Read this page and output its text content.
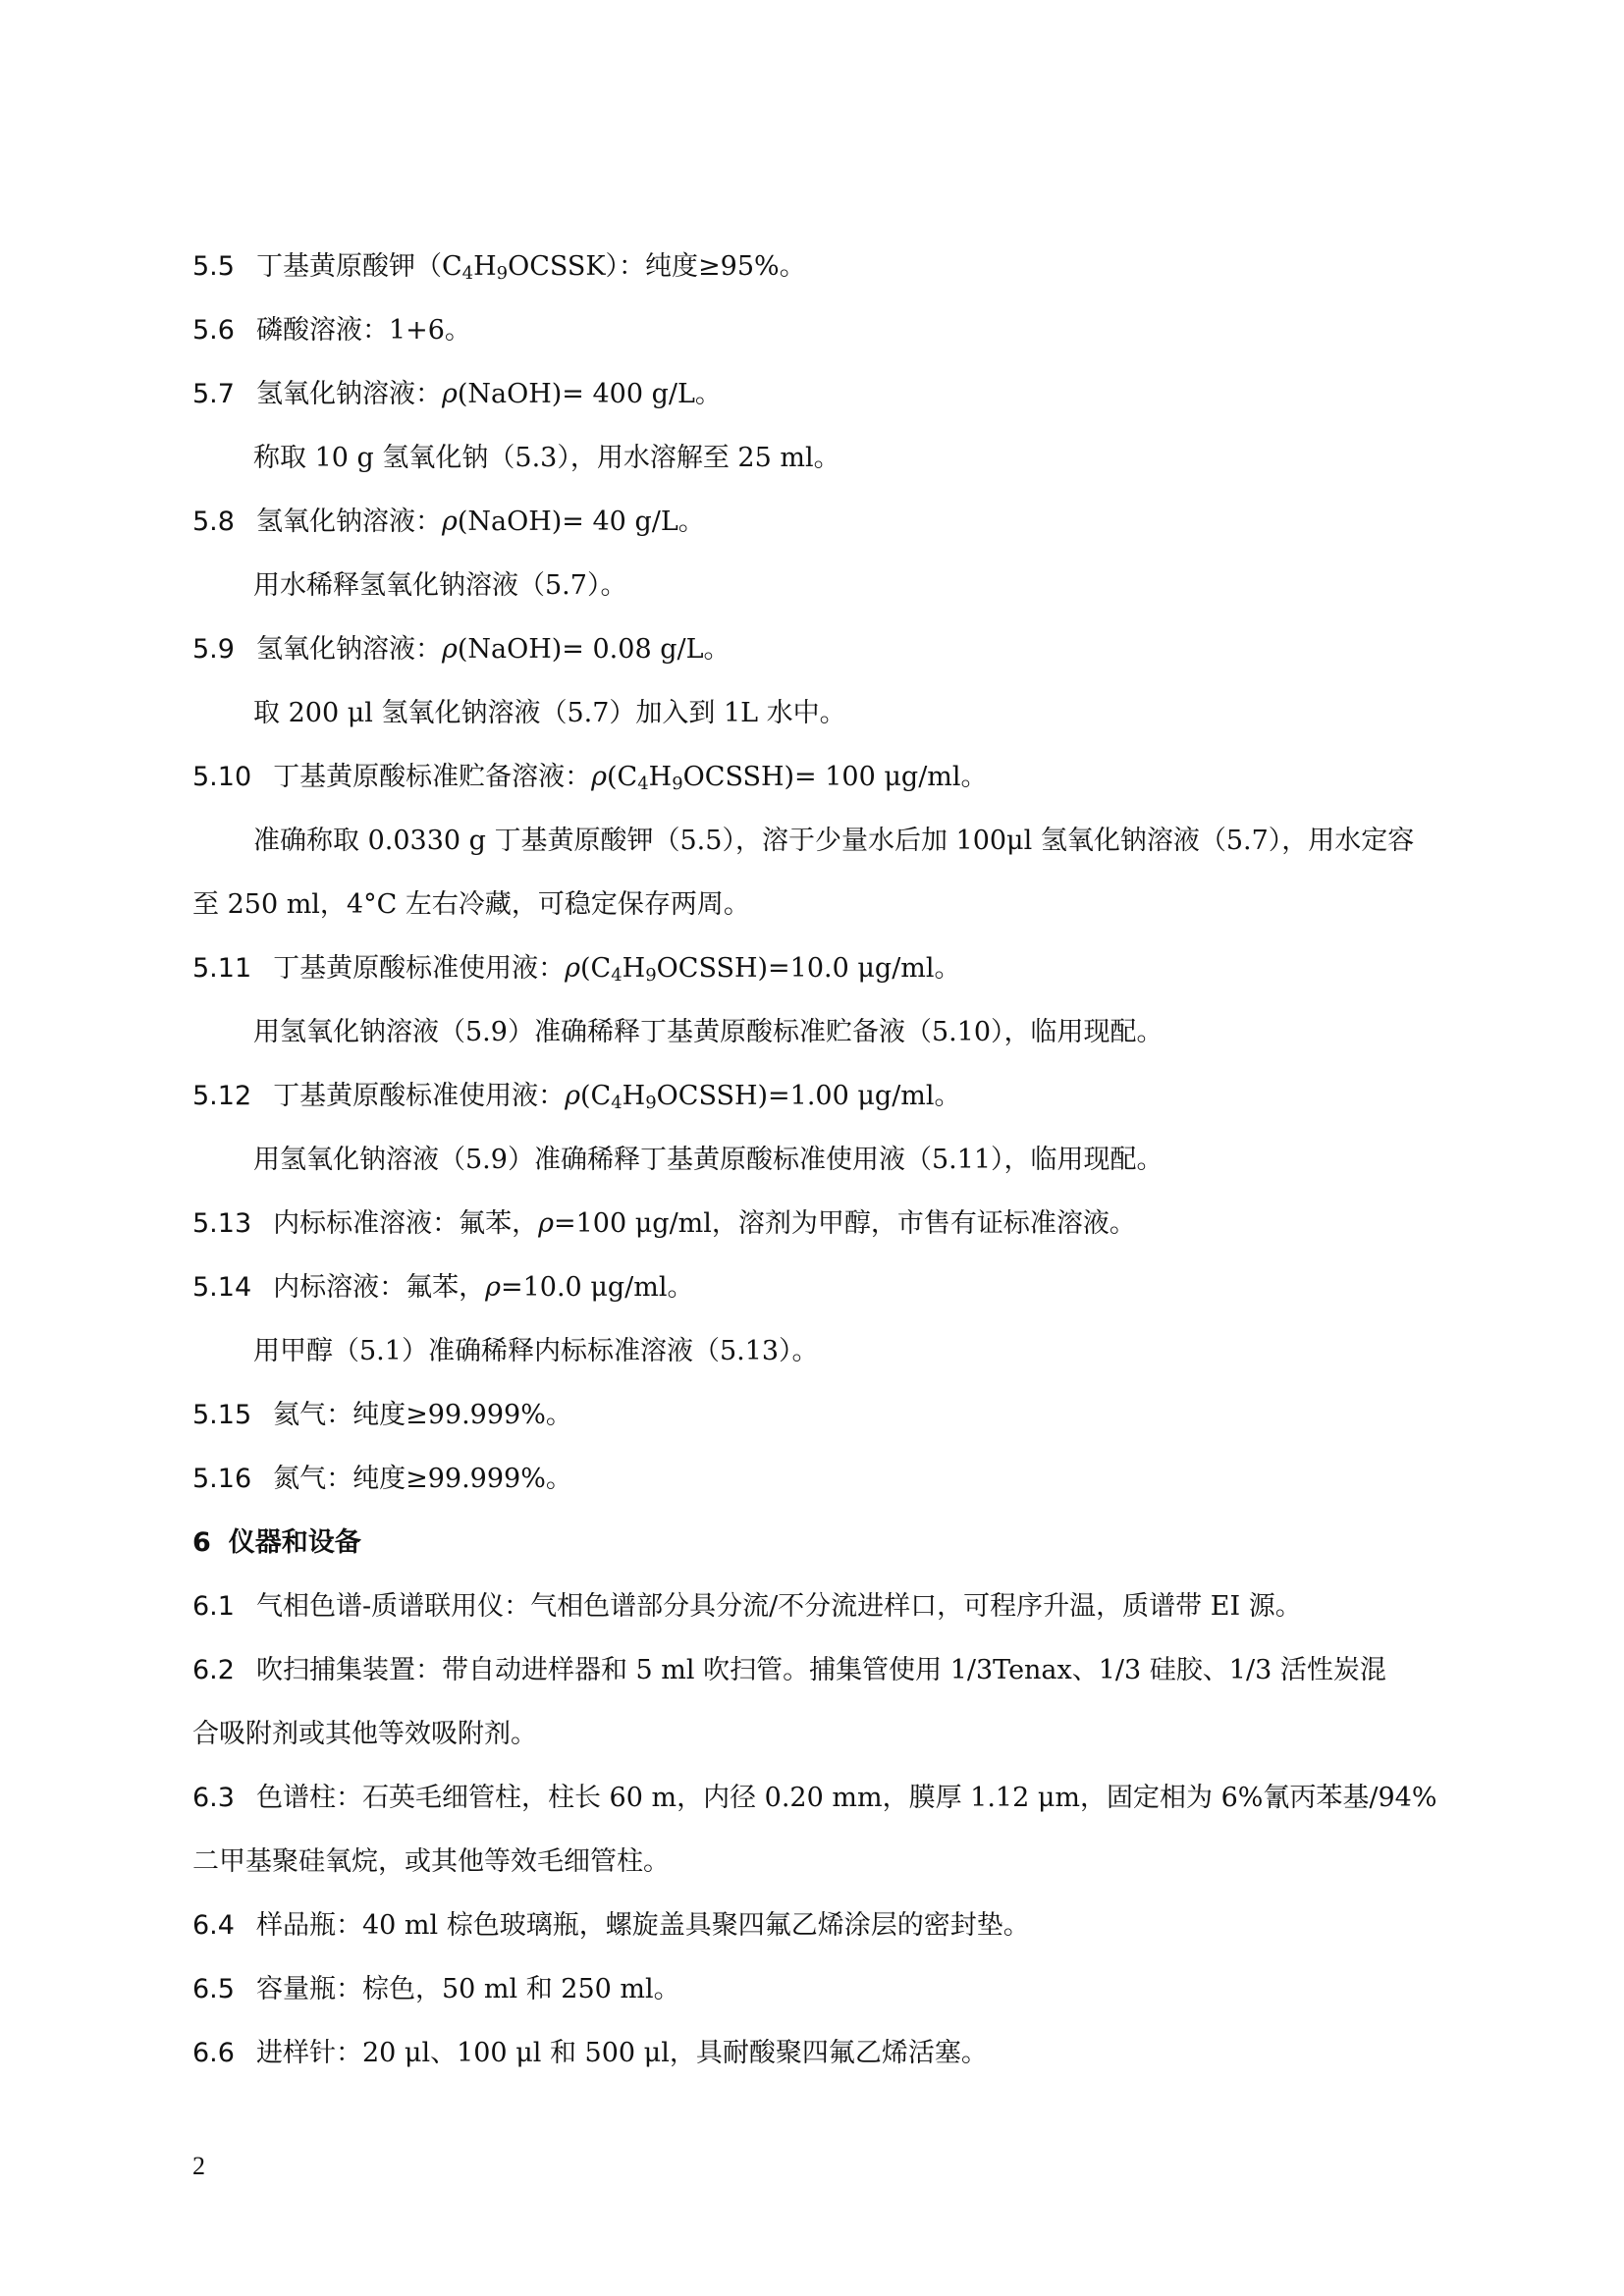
5.5 丁基黄原酸钾$(C_4H_9OCSSK)$：纯度≥95%。
5.6 磷酸溶液：1+6。
5.7 氢氧化钠溶液：ρ(NaOH)= 400 g/L。
称取 10 g 氢氧化钠（5.3），用水溶解至 25 ml。
5.8 氢氧化钠溶液：ρ(NaOH)= 40 g/L。
用水稀释氢氧化钠溶液（5.7）。
5.9 氢氧化钠溶液：ρ(NaOH)= 0.08 g/L。
取 200 μl 氢氧化钠溶液（5.7）加入到 1L 水中。
5.10 丁基黄原酸标准贮备溶液：$\rho(C_4H_9OCSSH)= 100$ μg/ml。
准确称取 0.0330 g 丁基黄原酸钾（5.5），溶于少量水后加 100μl 氢氧化钠溶液（5.7），用水定容
至 250 ml，4°C 左右冷藏，可稳定保存两周。
5.11 丁基黄原酸标准使用液：$\rho(C_4H_9OCSSH)=10.0$ μg/ml。
用氢氧化钠溶液（5.9）准确稀释丁基黄原酸标准贮备液（5.10），临用现配。
5.12 丁基黄原酸标准使用液：$\rho(C_4H_9OCSSH)=1.00$ μg/ml。
用氢氧化钠溶液（5.9）准确稀释丁基黄原酸标准使用液（5.11），临用现配。
5.13 内标标准溶液：氟苯，ρ=100 μg/ml，溶剂为甲醇，市售有证标准溶液。
5.14 内标溶液：氟苯，ρ=10.0 μg/ml。
用甲醇（5.1）准确稀释内标标准溶液（5.13）。
5.15 氦气：纯度≥99.999%。
5.16 氮气：纯度≥99.999%。
6 仪器和设备
6.1 气相色谱-质谱联用仪：气相色谱部分具分流/不分流进样口，可程序升温，质谱带 EI 源。
6.2 吹扫捕集装置：带自动进样器和 5 ml 吹扫管。捕集管使用 1/3Tenax、1/3 硅胶、1/3 活性炭混
合吸附剂或其他等效吸附剂。
6.3 色谱柱：石英毛细管柱，柱长 60 m，内径 0.20 mm，膜厚 1.12 μm，固定相为 6%氰丙苯基/94%
二甲基聚硅氧烷，或其他等效毛细管柱。
6.4 样品瓶：40 ml 棕色玻璃瓶，螺旋盖具聚四氟乙烯涂层的密封垫。
6.5 容量瓶：棕色，50 ml 和 250 ml。
6.6 进样针：20 μl、100 μl 和 500 μl，具耐酸聚四氟乙烯活塞。
2
